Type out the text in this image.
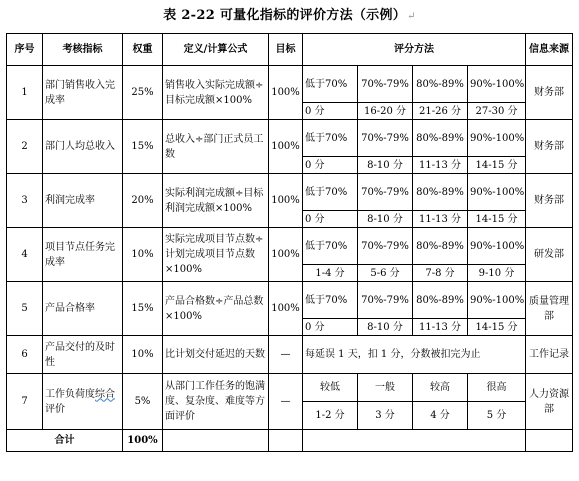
表 2-22 可量化指标的评价方法（示例）↵
序号	考核指标	权重	定义/计算公式	目标	评分方法				信息来源
1	部门销售收入完成率	25%	销售收入实际完成额÷目标完成额×100%	100%	低于70%	70%-79%	80%-89%	90%-100%	财务部
					0 分	16-20 分	21-26 分	27-30 分	
2	部门人均总收入	15%	总收入÷部门正式员工数	100%	低于70%	70%-79%	80%-89%	90%-100%	财务部
					0 分	8-10 分	11-13 分	14-15 分	
3	利润完成率	20%	实际利润完成额÷目标利润完成额×100%	100%	低于70%	70%-79%	80%-89%	90%-100%	财务部
					0 分	8-10 分	11-13 分	14-15 分	
4	项目节点任务完成率	10%	实际完成项目节点数÷计划完成项目节点数×100%	100%	低于70%	70%-79%	80%-89%	90%-100%	研发部
					1-4 分	5-6 分	7-8 分	9-10 分	
5	产品合格率	15%	产品合格数÷产品总数×100%	100%	低于70%	70%-79%	80%-89%	90%-100%	质量管理部
					0 分	8-10 分	11-13 分	14-15 分	
6	产品交付的及时性	10%	比计划交付延迟的天数	—	每延误 1 天，扣 1 分，分数被扣完为止				工作记录
7	工作负荷度综合评价	5%	从部门工作任务的饱满度、复杂度、难度等方面评价	—	较低	一般	较高	很高	人力资源部
					1-2 分	3 分	4 分	5 分	
合计		100%							
